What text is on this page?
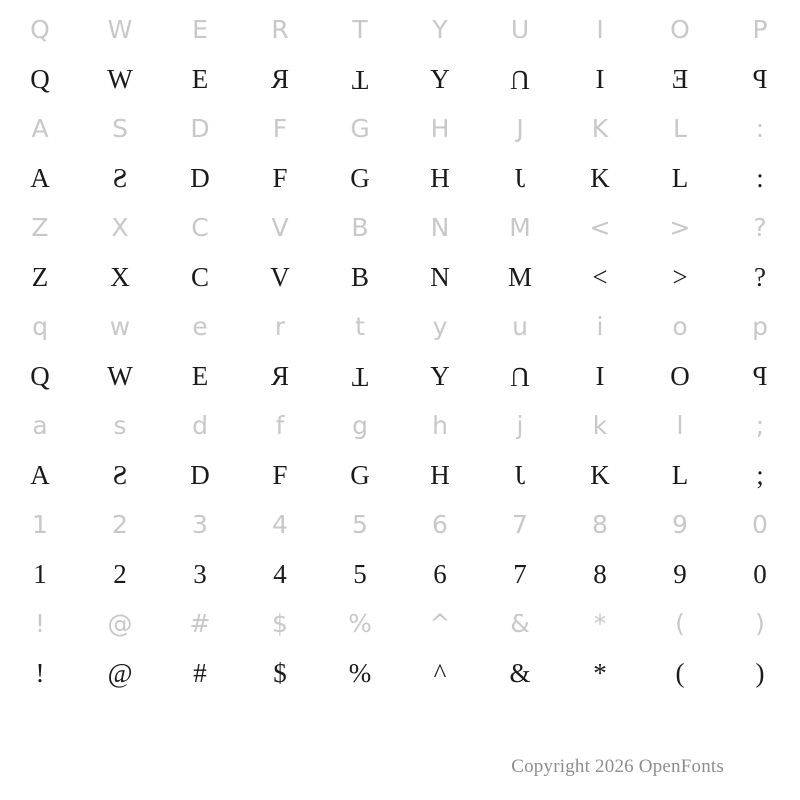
Q	W	E	R	T	Y	U	I	O	P
Q	W	E	R	T	Y	U	I	E	P
A	S	D	F	G	H	J	K	L	:
A	S	D	F	G	H	J	K	L	:
Z	X	C	V	B	N	M	<	>	?
Z	X	C	V	B	N	M	<	>	?
q	w	e	r	t	y	u	i	o	p
Q	W	E	R	T	Y	U	I	O	P
a	s	d	f	g	h	j	k	l	;
A	S	D	F	G	H	J	K	L	;
1	2	3	4	5	6	7	8	9	0
1	2	3	4	5	6	7	8	9	0
!	@	#	$	%	^	&	*	(	)
!	@	#	$	%	^	&	*	(	)
Copyright 2026 OpenFonts
